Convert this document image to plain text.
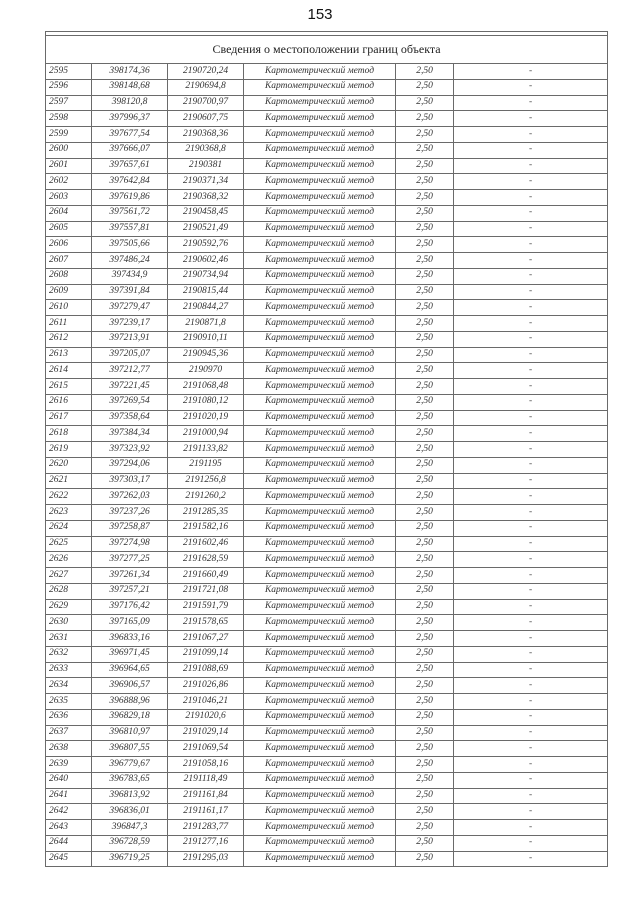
153

Сведения о местоположении границ объекта					
2595	398174,36	2190720,24	Картометрический метод	2,50	-
2596	398148,68	2190694,8	Картометрический метод	2,50	-
2597	398120,8	2190700,97	Картометрический метод	2,50	-
2598	397996,37	2190607,75	Картометрический метод	2,50	-
2599	397677,54	2190368,36	Картометрический метод	2,50	-
2600	397666,07	2190368,8	Картометрический метод	2,50	-
2601	397657,61	2190381	Картометрический метод	2,50	-
2602	397642,84	2190371,34	Картометрический метод	2,50	-
2603	397619,86	2190368,32	Картометрический метод	2,50	-
2604	397561,72	2190458,45	Картометрический метод	2,50	-
2605	397557,81	2190521,49	Картометрический метод	2,50	-
2606	397505,66	2190592,76	Картометрический метод	2,50	-
2607	397486,24	2190602,46	Картометрический метод	2,50	-
2608	397434,9	2190734,94	Картометрический метод	2,50	-
2609	397391,84	2190815,44	Картометрический метод	2,50	-
2610	397279,47	2190844,27	Картометрический метод	2,50	-
2611	397239,17	2190871,8	Картометрический метод	2,50	-
2612	397213,91	2190910,11	Картометрический метод	2,50	-
2613	397205,07	2190945,36	Картометрический метод	2,50	-
2614	397212,77	2190970	Картометрический метод	2,50	-
2615	397221,45	2191068,48	Картометрический метод	2,50	-
2616	397269,54	2191080,12	Картометрический метод	2,50	-
2617	397358,64	2191020,19	Картометрический метод	2,50	-
2618	397384,34	2191000,94	Картометрический метод	2,50	-
2619	397323,92	2191133,82	Картометрический метод	2,50	-
2620	397294,06	2191195	Картометрический метод	2,50	-
2621	397303,17	2191256,8	Картометрический метод	2,50	-
2622	397262,03	2191260,2	Картометрический метод	2,50	-
2623	397237,26	2191285,35	Картометрический метод	2,50	-
2624	397258,87	2191582,16	Картометрический метод	2,50	-
2625	397274,98	2191602,46	Картометрический метод	2,50	-
2626	397277,25	2191628,59	Картометрический метод	2,50	-
2627	397261,34	2191660,49	Картометрический метод	2,50	-
2628	397257,21	2191721,08	Картометрический метод	2,50	-
2629	397176,42	2191591,79	Картометрический метод	2,50	-
2630	397165,09	2191578,65	Картометрический метод	2,50	-
2631	396833,16	2191067,27	Картометрический метод	2,50	-
2632	396971,45	2191099,14	Картометрический метод	2,50	-
2633	396964,65	2191088,69	Картометрический метод	2,50	-
2634	396906,57	2191026,86	Картометрический метод	2,50	-
2635	396888,96	2191046,21	Картометрический метод	2,50	-
2636	396829,18	2191020,6	Картометрический метод	2,50	-
2637	396810,97	2191029,14	Картометрический метод	2,50	-
2638	396807,55	2191069,54	Картометрический метод	2,50	-
2639	396779,67	2191058,16	Картометрический метод	2,50	-
2640	396783,65	2191118,49	Картометрический метод	2,50	-
2641	396813,92	2191161,84	Картометрический метод	2,50	-
2642	396836,01	2191161,17	Картометрический метод	2,50	-
2643	396847,3	2191283,77	Картометрический метод	2,50	-
2644	396728,59	2191277,16	Картометрический метод	2,50	-
2645	396719,25	2191295,03	Картометрический метод	2,50	-
